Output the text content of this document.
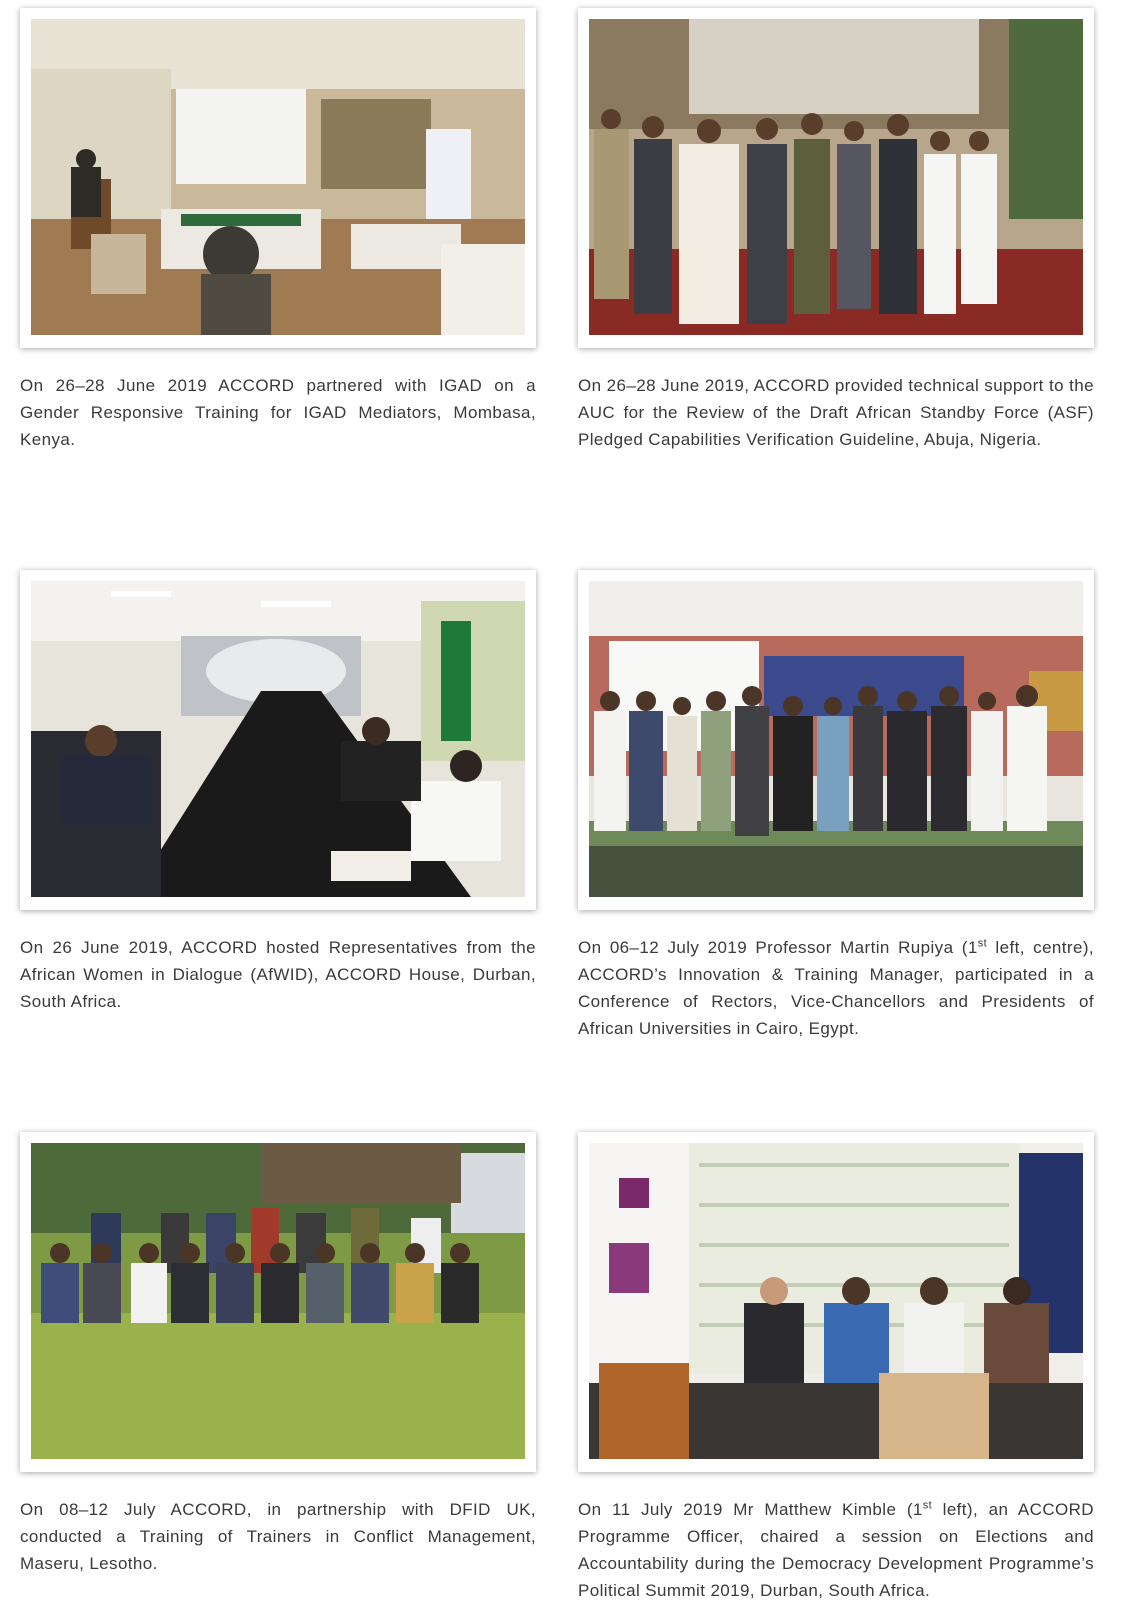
On 26–28 June 2019 ACCORD partnered with IGAD on a Gender Responsive Training for IGAD Mediators, Mombasa, Kenya.

On 26–28 June 2019, ACCORD provided technical support to the AUC for the Review of the Draft African Standby Force (ASF) Pledged Capabilities Verification Guideline, Abuja, Nigeria.

On 26 June 2019, ACCORD hosted Representatives from the African Women in Dialogue (AfWID), ACCORD House, Durban, South Africa.

On 06–12 July 2019 Professor Martin Rupiya (1st left, centre), ACCORD’s Innovation & Training Manager, participated in a Conference of Rectors, Vice-Chancellors and Presidents of African Universities in Cairo, Egypt.

On 08–12 July ACCORD, in partnership with DFID UK, conducted a Training of Trainers in Conflict Management, Maseru, Lesotho.

On 11 July 2019 Mr Matthew Kimble (1st left), an ACCORD Programme Officer, chaired a session on Elections and Accountability during the Democracy Development Programme’s Political Summit 2019, Durban, South Africa.
